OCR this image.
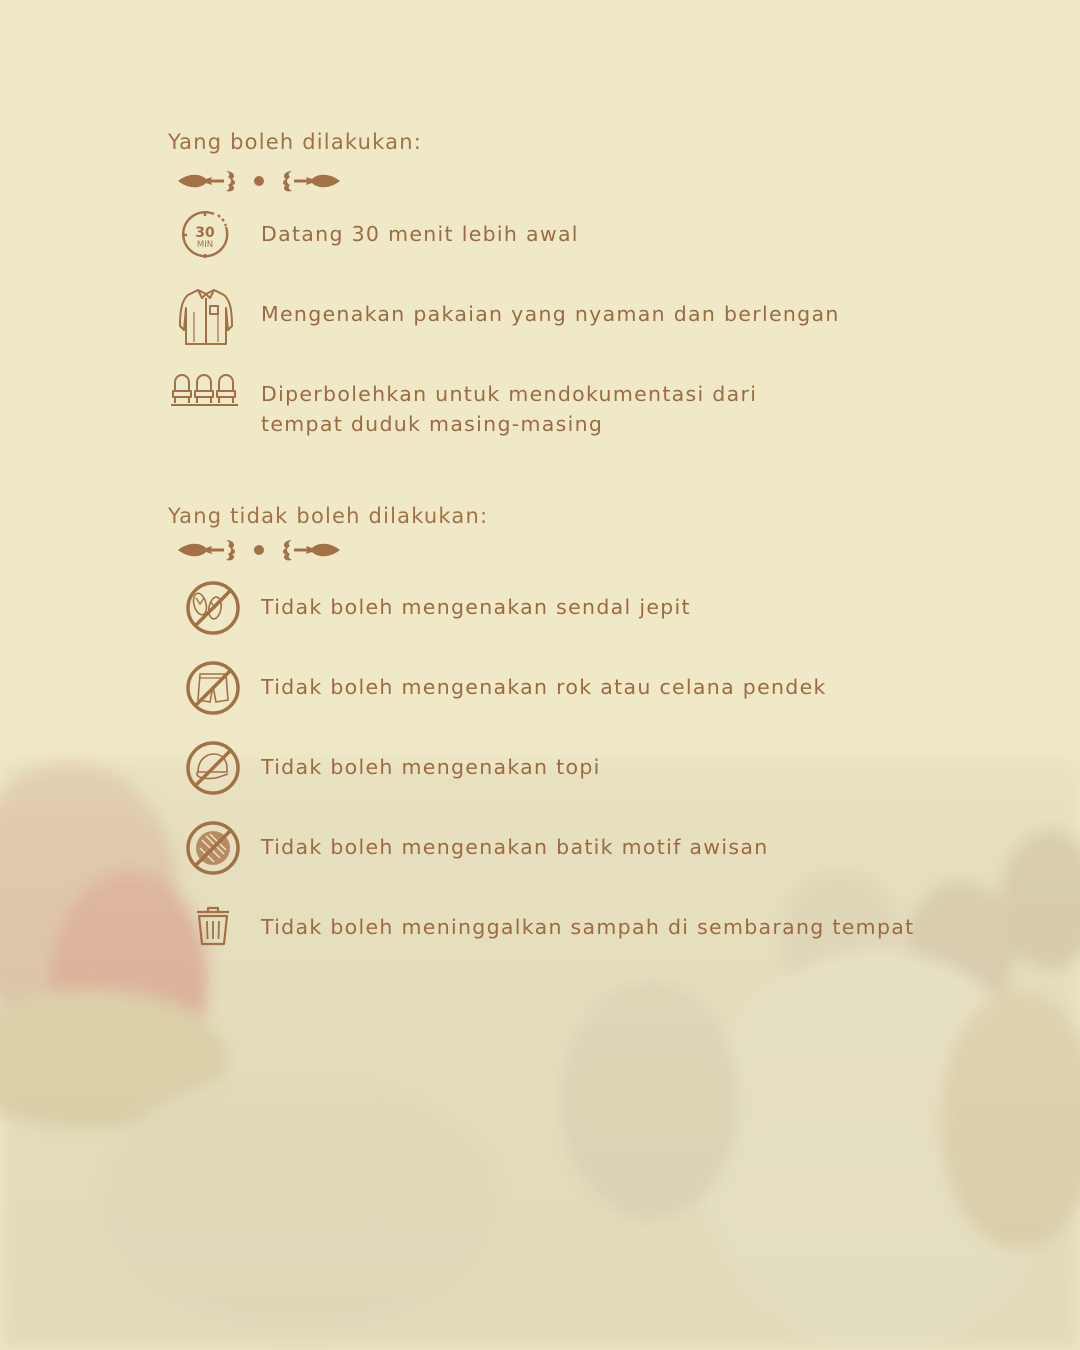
Yang boleh dilakukan:
30
MIN Datang 30 menit lebih awal
Mengenakan pakaian yang nyaman dan berlengan
Diperbolehkan untuk mendokumentasi dari
tempat duduk masing-masing
Yang tidak boleh dilakukan:
Tidak boleh mengenakan sendal jepit
Tidak boleh mengenakan rok atau celana pendek
Tidak boleh mengenakan topi
Tidak boleh mengenakan batik motif awisan
Tidak boleh meninggalkan sampah di sembarang tempat
